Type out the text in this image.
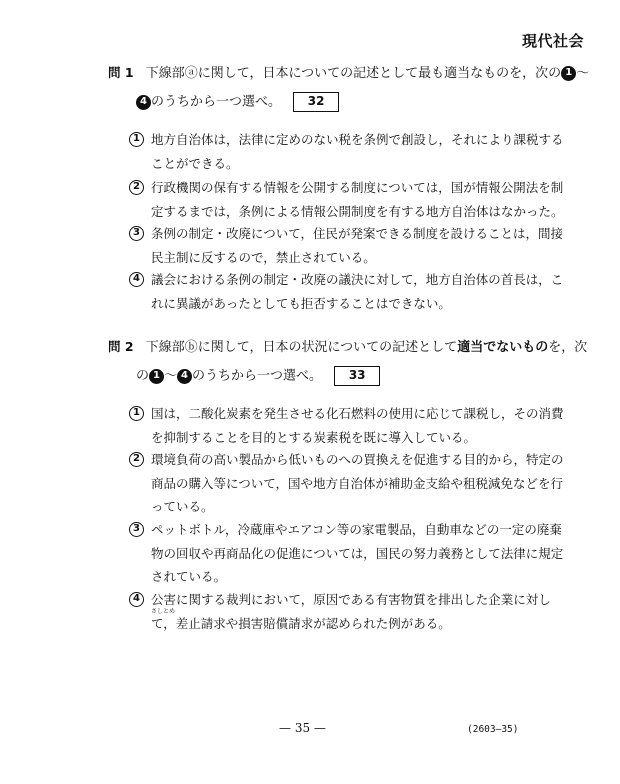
現代社会
問 1 下線部ⓐに関して，日本についての記述として最も適当なものを，次の 1 ～
4 のうちから一つ選べ。 32
1 地方自治体は，法律に定めのない税を条例で創設し，それにより課税することができる。
2 行政機関の保有する情報を公開する制度については，国が情報公開法を制定するまでは，条例による情報公開制度を有する地方自治体はなかった。
3 条例の制定・改廃について，住民が発案できる制度を設けることは，間接民主制に反するので，禁止されている。
4 議会における条例の制定・改廃の議決に対して，地方自治体の首長は，これに異議があったとしても拒否することはできない。
問 2 下線部ⓑに関して，日本の状況についての記述として適当でないものを，次
の 1 ～ 4 のうちから一つ選べ。 33
1 国は，二酸化炭素を発生させる化石燃料の使用に応じて課税し，その消費を抑制することを目的とする炭素税を既に導入している。
2 環境負荷の高い製品から低いものへの買換えを促進する目的から，特定の商品の購入等について，国や地方自治体が補助金支給や租税減免などを行っている。
3 ペットボトル，冷蔵庫やエアコン等の家電製品，自動車などの一定の廃棄物の回収や再商品化の促進については，国民の努力義務として法律に規定されている。
4 公害に関する裁判において，原因である有害物質を排出した企業に対して，差止請求や損害賠償請求が認められた例がある。
さしとめ
— 35 —	(2603—35)
